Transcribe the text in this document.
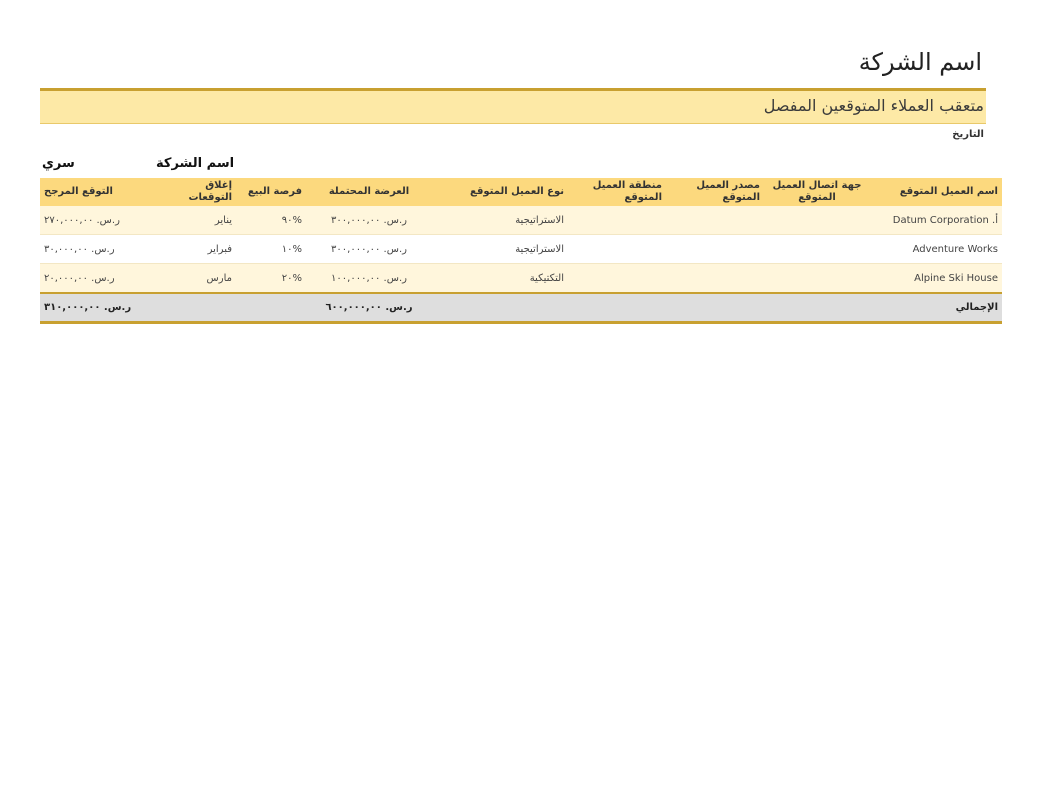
اسم الشركة
متعقب العملاء المتوقعين المفصل
التاريخ
اسم الشركة
سري
اسم العميل المتوقع	جهة اتصال العميل المتوقع	مصدر العميل المتوقع	منطقة العميل المتوقع	نوع العميل المتوقع	العرضة المحتملة	فرصة البيع	إغلاق التوقعات	التوقع المرجح
أ. Datum Corporation				الاستراتيجية	ر.س. ٣٠٠,٠٠٠,٠٠	%٩٠	يناير	ر.س. ٢٧٠,٠٠٠,٠٠
Adventure Works				الاستراتيجية	ر.س. ٣٠٠,٠٠٠,٠٠	%١٠	فبراير	ر.س. ٣٠,٠٠٠,٠٠
Alpine Ski House				التكتيكية	ر.س. ١٠٠,٠٠٠,٠٠	%٢٠	مارس	ر.س. ٢٠,٠٠٠,٠٠
الإجمالي					ر.س. ٦٠٠,٠٠٠,٠٠			ر.س. ٣١٠,٠٠٠,٠٠
